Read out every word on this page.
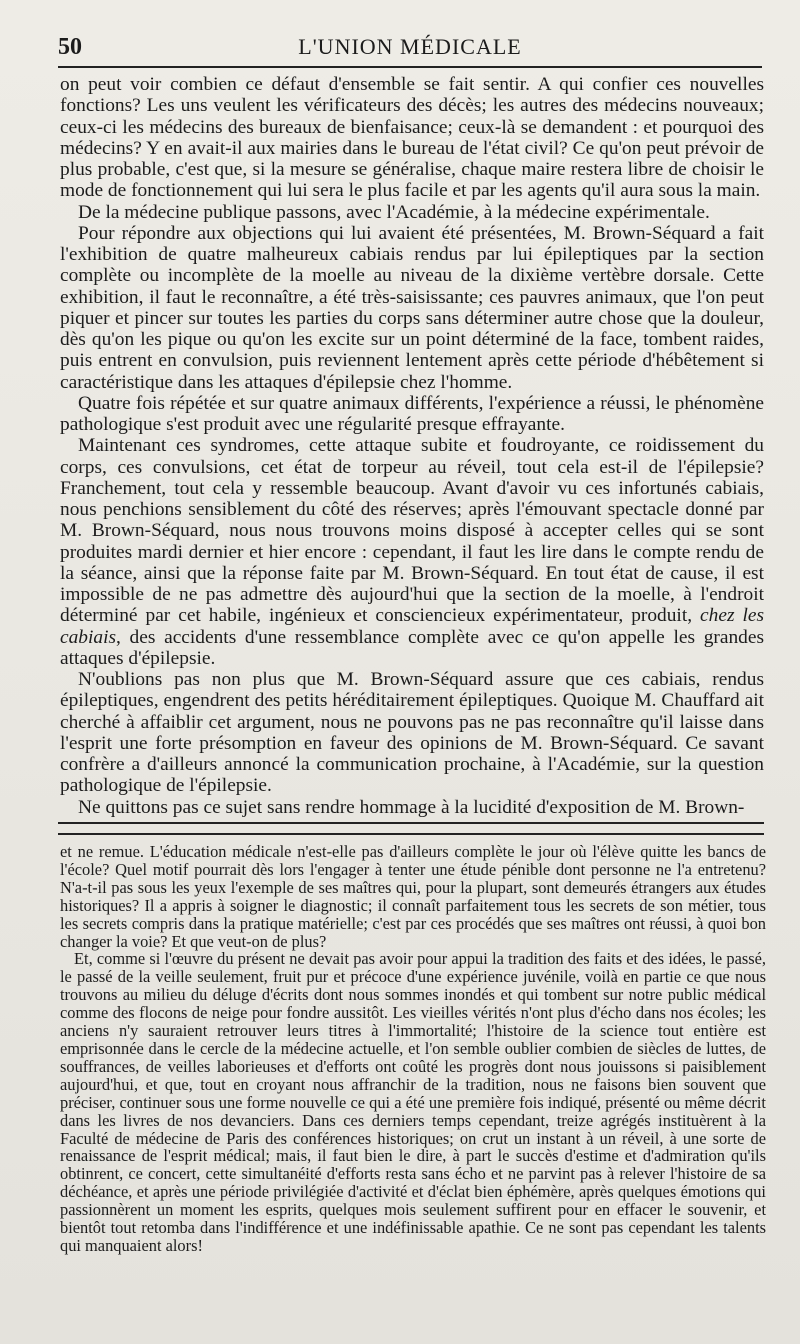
50	L'UNION MÉDICALE

on peut voir combien ce défaut d'ensemble se fait sentir. A qui confier ces nouvelles fonctions? Les uns veulent les vérificateurs des décès; les autres des médecins nouveaux; ceux-ci les médecins des bureaux de bienfaisance; ceux-là se demandent : et pourquoi des médecins? Y en avait-il aux mairies dans le bureau de l'état civil? Ce qu'on peut prévoir de plus probable, c'est que, si la mesure se généralise, chaque maire restera libre de choisir le mode de fonctionnement qui lui sera le plus facile et par les agents qu'il aura sous la main.

De la médecine publique passons, avec l'Académie, à la médecine expérimentale.

Pour répondre aux objections qui lui avaient été présentées, M. Brown-Séquard a fait l'exhibition de quatre malheureux cabiais rendus par lui épileptiques par la section complète ou incomplète de la moelle au niveau de la dixième vertèbre dorsale. Cette exhibition, il faut le reconnaître, a été très-saisissante; ces pauvres animaux, que l'on peut piquer et pincer sur toutes les parties du corps sans déterminer autre chose que la douleur, dès qu'on les pique ou qu'on les excite sur un point déterminé de la face, tombent raides, puis entrent en convulsion, puis reviennent lentement après cette période d'hébêtement si caractéristique dans les attaques d'épilepsie chez l'homme.

Quatre fois répétée et sur quatre animaux différents, l'expérience a réussi, le phénomène pathologique s'est produit avec une régularité presque effrayante.

Maintenant ces syndromes, cette attaque subite et foudroyante, ce roidissement du corps, ces convulsions, cet état de torpeur au réveil, tout cela est-il de l'épilepsie? Franchement, tout cela y ressemble beaucoup. Avant d'avoir vu ces infortunés cabiais, nous penchions sensiblement du côté des réserves; après l'émouvant spectacle donné par M. Brown-Séquard, nous nous trouvons moins disposé à accepter celles qui se sont produites mardi dernier et hier encore : cependant, il faut les lire dans le compte rendu de la séance, ainsi que la réponse faite par M. Brown-Séquard. En tout état de cause, il est impossible de ne pas admettre dès aujourd'hui que la section de la moelle, à l'endroit déterminé par cet habile, ingénieux et consciencieux expérimentateur, produit, chez les cabiais, des accidents d'une ressemblance complète avec ce qu'on appelle les grandes attaques d'épilepsie.

N'oublions pas non plus que M. Brown-Séquard assure que ces cabiais, rendus épileptiques, engendrent des petits héréditairement épileptiques. Quoique M. Chauffard ait cherché à affaiblir cet argument, nous ne pouvons pas ne pas reconnaître qu'il laisse dans l'esprit une forte présomption en faveur des opinions de M. Brown-Séquard. Ce savant confrère a d'ailleurs annoncé la communication prochaine, à l'Académie, sur la question pathologique de l'épilepsie.

Ne quittons pas ce sujet sans rendre hommage à la lucidité d'exposition de M. Brown-

et ne remue. L'éducation médicale n'est-elle pas d'ailleurs complète le jour où l'élève quitte les bancs de l'école? Quel motif pourrait dès lors l'engager à tenter une étude pénible dont personne ne l'a entretenu? N'a-t-il pas sous les yeux l'exemple de ses maîtres qui, pour la plupart, sont demeurés étrangers aux études historiques? Il a appris à soigner le diagnostic; il connaît parfaitement tous les secrets de son métier, tous les secrets compris dans la pratique matérielle; c'est par ces procédés que ses maîtres ont réussi, à quoi bon changer la voie? Et que veut-on de plus?

Et, comme si l'œuvre du présent ne devait pas avoir pour appui la tradition des faits et des idées, le passé, le passé de la veille seulement, fruit pur et précoce d'une expérience juvénile, voilà en partie ce que nous trouvons au milieu du déluge d'écrits dont nous sommes inondés et qui tombent sur notre public médical comme des flocons de neige pour fondre aussitôt. Les vieilles vérités n'ont plus d'écho dans nos écoles; les anciens n'y sauraient retrouver leurs titres à l'immortalité; l'histoire de la science tout entière est emprisonnée dans le cercle de la médecine actuelle, et l'on semble oublier combien de siècles de luttes, de souffrances, de veilles laborieuses et d'efforts ont coûté les progrès dont nous jouissons si paisiblement aujourd'hui, et que, tout en croyant nous affranchir de la tradition, nous ne faisons bien souvent que préciser, continuer sous une forme nouvelle ce qui a été une première fois indiqué, présenté ou même décrit dans les livres de nos devanciers. Dans ces derniers temps cependant, treize agrégés instituèrent à la Faculté de médecine de Paris des conférences historiques; on crut un instant à un réveil, à une sorte de renaissance de l'esprit médical; mais, il faut bien le dire, à part le succès d'estime et d'admiration qu'ils obtinrent, ce concert, cette simultanéité d'efforts resta sans écho et ne parvint pas à relever l'histoire de sa déchéance, et après une période privilégiée d'activité et d'éclat bien éphémère, après quelques émotions qui passionnèrent un moment les esprits, quelques mois seulement suffirent pour en effacer le souvenir, et bientôt tout retomba dans l'indifférence et une indéfinissable apathie. Ce ne sont pas cependant les talents qui manquaient alors!
